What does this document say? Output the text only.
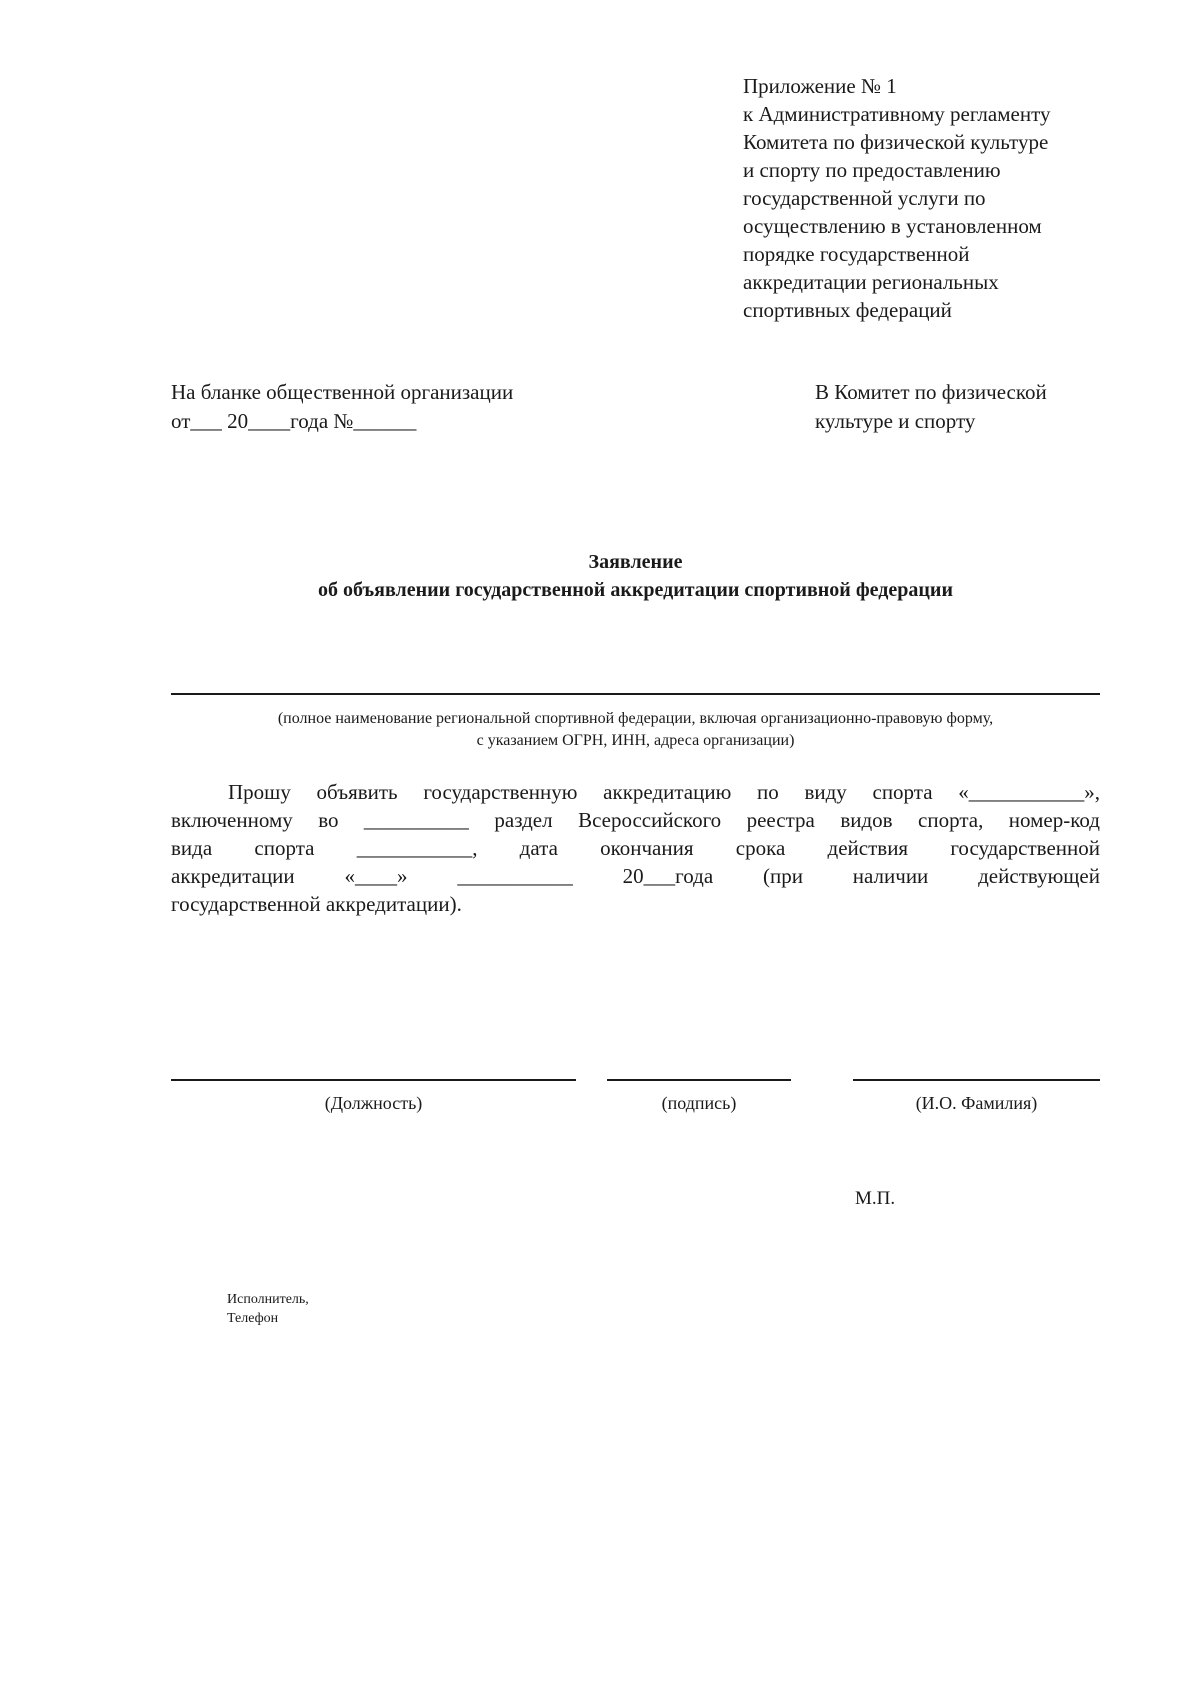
Приложение № 1
к Административному регламенту
Комитета по физической культуре
и спорту по предоставлению
государственной услуги по
осуществлению в установленном
порядке государственной
аккредитации региональных
спортивных федераций
На бланке общественной организации
от___ 20____года №______
В Комитет по физической
культуре и спорту
Заявление
об объявлении государственной аккредитации спортивной федерации
(полное наименование региональной спортивной федерации, включая организационно-правовую форму,
с указанием ОГРН, ИНН, адреса организации)
Прошу объявить государственную аккредитацию по виду спорта «___________»,
включенному во __________ раздел Всероссийского реестра видов спорта, номер-код
вида спорта ___________, дата окончания срока действия государственной
аккредитации «____» ___________ 20___года (при наличии действующей
государственной аккредитации).
(Должность)	(подпись)	(И.О. Фамилия)
М.П.
Исполнитель,
Телефон
